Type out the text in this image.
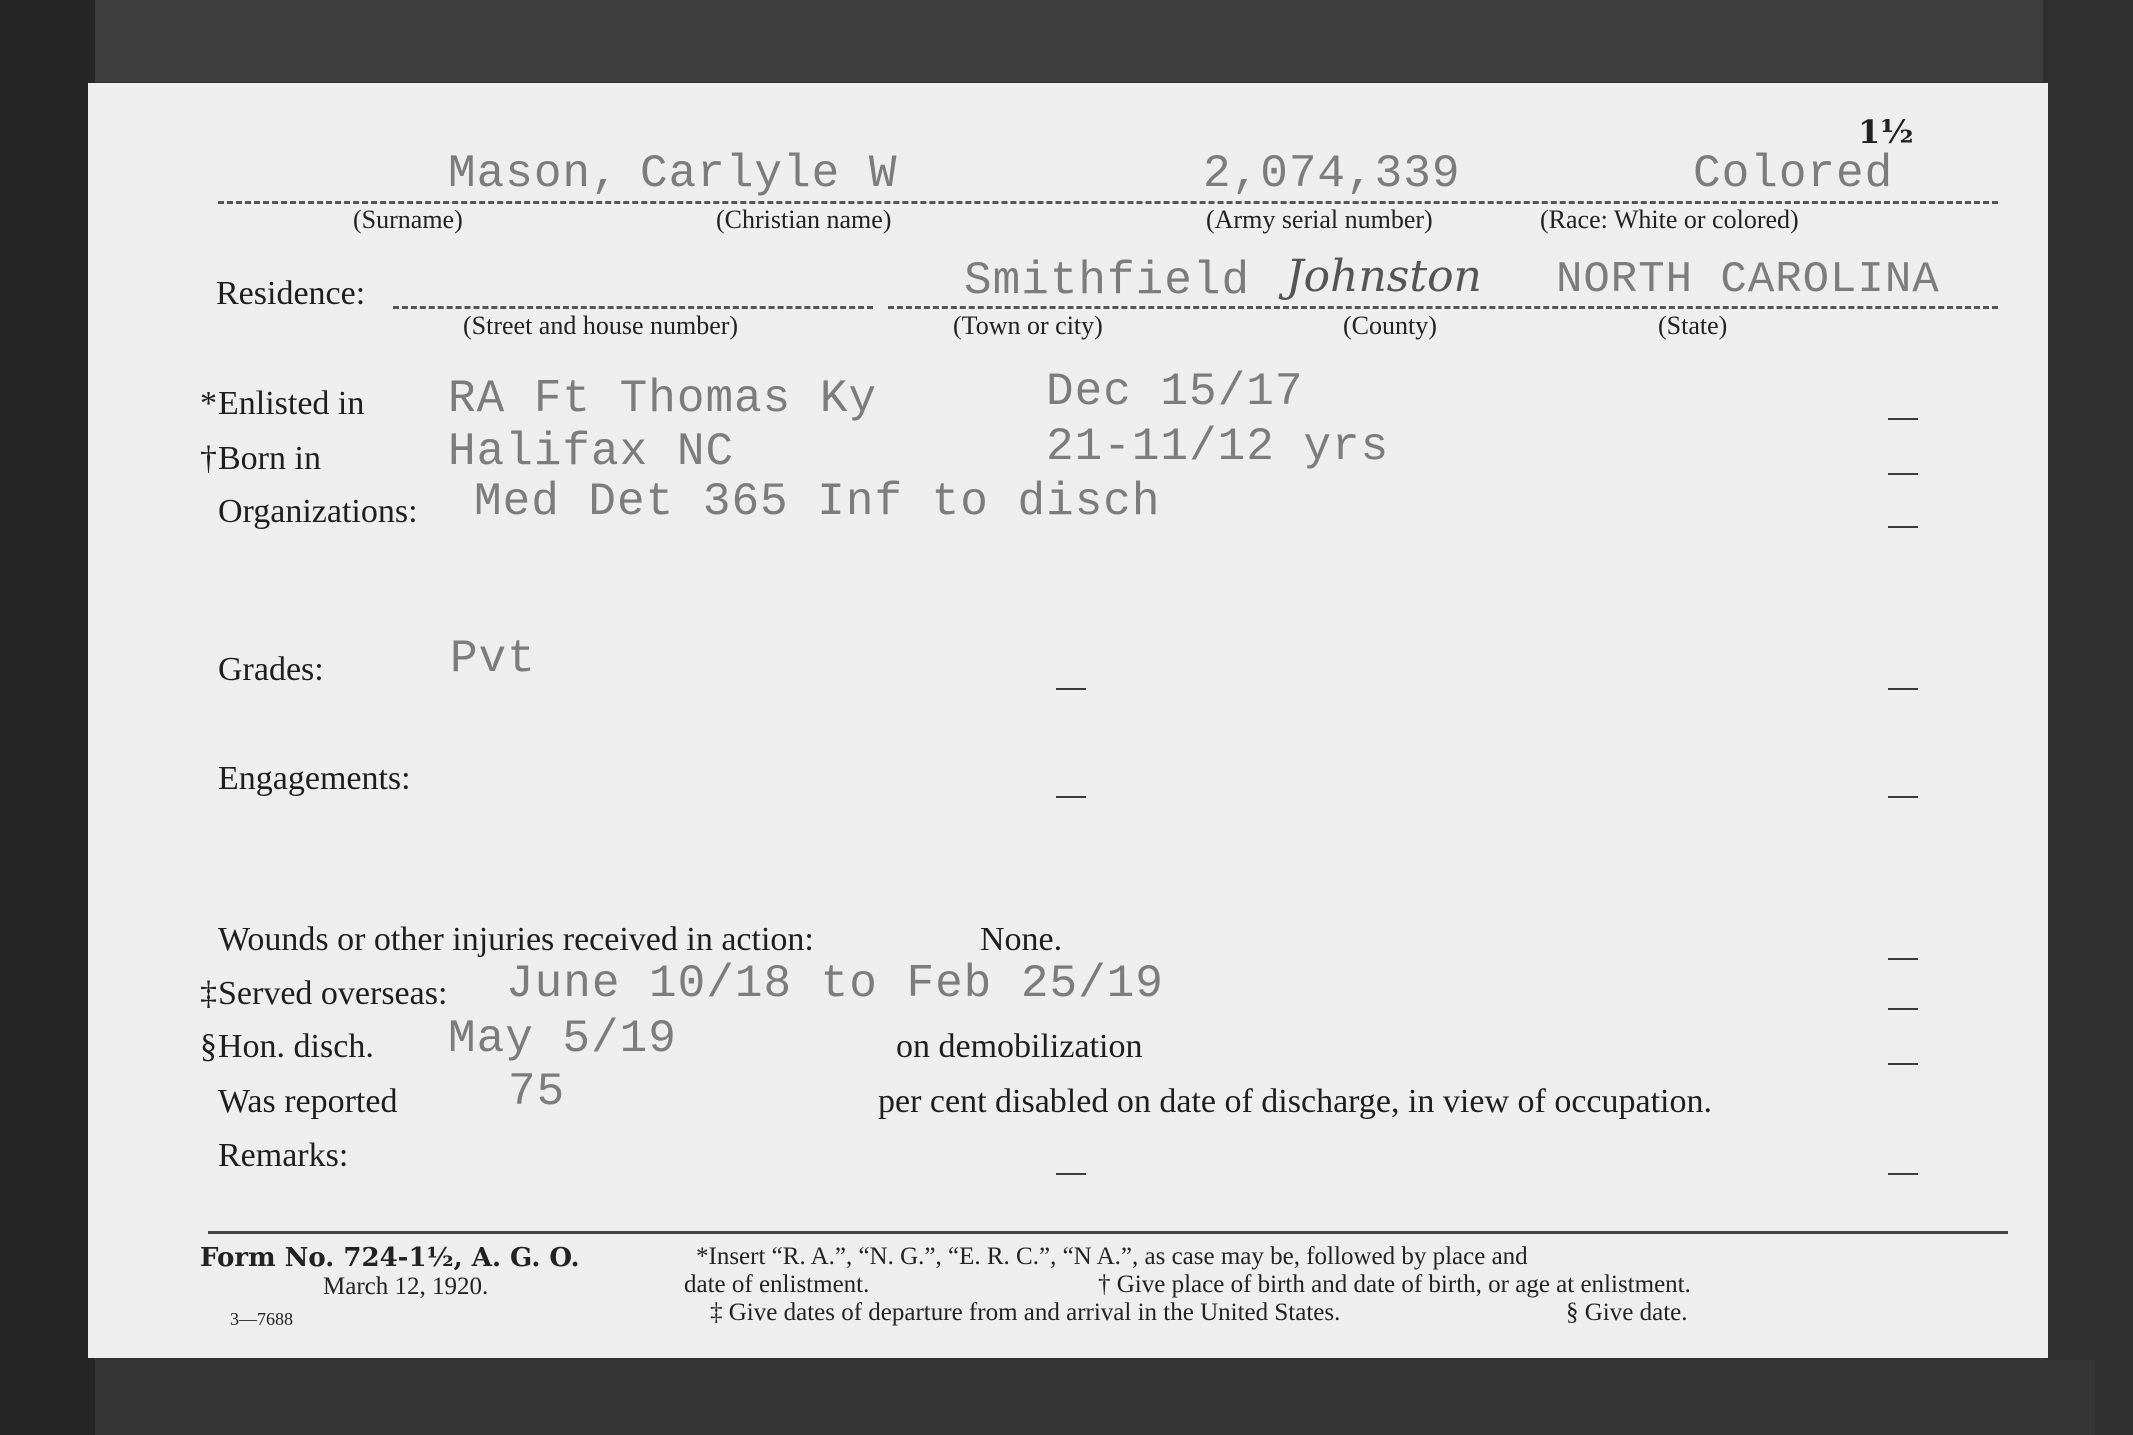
1½
Mason, Carlyle W	2,074,339	Colored
(Surname)	(Christian name)	(Army serial number)	(Race: White or colored)
Residence:	Smithfield Johnston NORTH CAROLINA
(Street and house number)	(Town or city)	(County)	(State)
* Enlisted in RA Ft Thomas Ky	Dec 15/17
† Born in	Halifax NC	21-11/12 yrs
Organizations: Med Det 365 Inf to disch
Grades:	Pvt
Engagements:
Wounds or other injuries received in action:	None.
‡ Served overseas: June 10/18 to Feb 25/19
§ Hon. disch. May 5/19	on demobilization
Was reported 75	per cent disabled on date of discharge, in view of occupation.
Remarks:
Form No. 724-1½, A. G. O.
March 12, 1920.
3—7688
*Insert “R. A.”, “N. G.”, “E. R. C.”, “N A.”, as case may be, followed by place and
date of enlistment.	† Give place of birth and date of birth, or age at enlistment.
‡ Give dates of departure from and arrival in the United States.	§ Give date.
